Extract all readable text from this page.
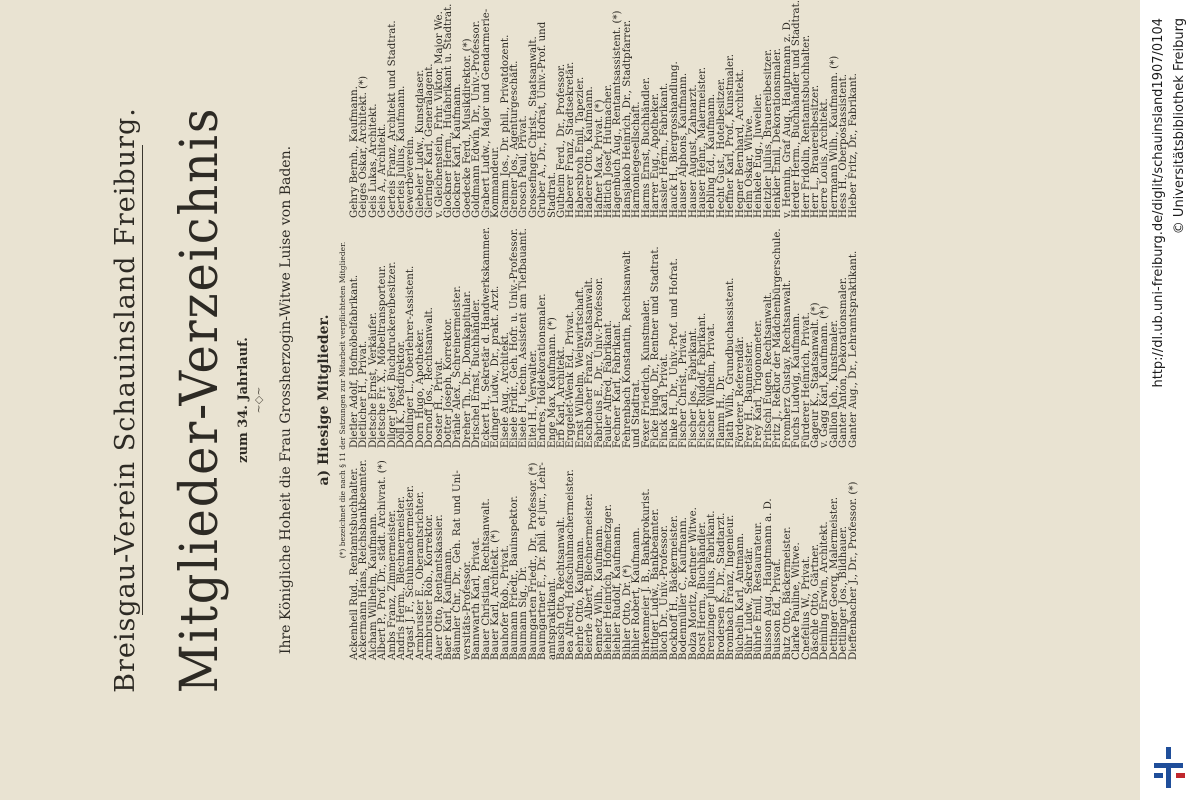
Breisgau-Verein Schauinsland Freiburg. Mitglieder-Verzeichnis zum 34. Jahrlauf. ~◇~ Ihre Königliche Hoheit die Frau Grossherzogin-Witwe Luise von Baden. a) Hiesige Mitglieder. (*) bezeichnet die nach § 11 der Satzungen zur Mitarbeit verpflichteten Mitglieder.
Ackenheil Rud., Rentamtsbuchhalter.
Ackermann Hans, Reichsbankbeamter.
Aicham Wilhelm, Kaufmann.
Albert P., Prof. Dr., städt. Archivrat. (*)
Ambs Franz, Zimmermeister.
Andris Herm., Blechnermeister.
Argast J. F., Schuhmachermeister.
Armbruster E., Oberamtsrichter.
Armbruster Rob., Korrektor.
Auer Otto, Rentamtskassier.
Baer Karl, Kaufmann.
Bäumler Chr., Dr., Geh. Rat und Uni-
versitäts-Professor.
Bannwarth Karl, Privat.
Bauer Christian, Rechtsanwalt.
Bauer Karl, Architekt. (*)
Bauhofer Rob., Privat.
Baumann Friedr., Bauinspektor.
Baumann Sig., Dr.
Baumgarten Friedr., Dr., Professor. (*)
Baumgartner E., Dr. phil. et jur., Lehr-
amtspraktikant.
Bausch Otto, Rechtsanwalt.
Bea Alfred, Hofschuhmachermeister.
Behrle Otto, Kaufmann.
Beierle Albert, Blechnermeister.
Bennetz Wilh., Kaufmann.
Biehler Heinrich, Hofmetzger.
Biehler Rudolf, Kaufmann.
Bihler Otto, Dr. (*)
Bihler Robert, Kaufmann.
Birkenmeier J. B., Bankprokurist.
Bittiger Ludw., Bankbeamter.
Bloch Dr., Univ.-Professor.
Bockhoff H., Bäckermeister.
Bodenmüller C., Kaufmann.
Bolza Moritz, Rentner Witwe.
Borst Herm., Buchhändler.
Brenzinger Julius, Fabrikant.
Brodersen K., Dr., Stadtarzt.
Brombach Franz, Ingenieur.
Büchelin Karl, Antmann.
Bühr Ludw., Sekretär.
Bührle Emil, Restaurateur.
Buisson Aug., Hauptmann a. D.
Buisson Ed., Privat.
Butz Otto, Bäckermeister.
Clarke Pauline, Witwe.
Cnefelius W., Privat.
Däschle Otto, Gärtner.
Deimling Erwin, Architekt.
Dettinger Georg, Malermeister.
Dettlinger Jos., Bildhauer.
Dieffenbacher J., Dr., Professor. (*)
Dietler Adolf, Hofmöbelfabrikant.
Dietlicher H., Privat.
Dietsche Ernst, Verkäufer.
Dietsche Fr. X., Möbeltransporteur.
Dilger Josef, Buchdruckereibesitzer.
Döll K., Postdirektor.
Doldinger L., Oberlehrer-Assistent.
Dorn Hugo, Apotheker.
Dornoff Jos., Rechtsanwalt.
Doster H., Privat.
Dotter Joseph, Korrektor.
Dränle Alex., Schreinermeister.
Dreher Th., Dr., Domkapitular.
Drischel Ernst, Buchhändler.
Eckert H., Sekretär d. Handwerkskammer.
Edinger Ludw., Dr., prakt. Arzt.
Eisele Aug., Architekt.
Eisele Fridr., Geh. Hofr. u. Univ.-Professor.
Eisele H., techn. Assistent am Tiefbauamt.
Eitel H., Verwalter.
Endres, Holdekorationsmaler.
Enge Max, Kaufmann. (*)
Erb Karl, Architekt.
Erggelet-Wenk Ed., Privat.
Ernst Wilhelm, Weinwirtschaft.
Eschbacher Franz, Staatsanwalt.
Fabricius E., Dr., Univ.-Professor.
Fauler Alfred, Fabrikant.
Fechner Karl, Fabrikant.
Fehrenbach Konstantin, Rechtsanwalt
und Stadtrat.
Fexer Friedrich, Kunstmaler.
Ficke Hugo, Dr., Rentner und Stadtrat.
Finck Karl, Privat.
Finke H., Dr., Univ.-Prof. und Hofrat.
Fischer Christ., Privat.
Fischer Jos., Fabrikant.
Fischer Rudolf, Fabrikant.
Fischer Wilhelm, Privat.
Flamm H., Dr.
Flath Wilh., Grundbuchassistent.
Förderer, Referendär.
Frey H., Baumeister.
Frey Karl, Trigonometer.
Fritschi Eugen, Rechtsanwalt.
Fritz J., Rektor der Mädchenbürgerschule.
Fromherz Gustav, Rechtsanwalt.
Fuchs Ludwig, Kaufmann.
Fürderer Heinrich, Privat.
Gageur K., Staatsanwalt. (*)
v. Gagg Karl, Kaufmann. (*)
Gallion Joh., Kunstmaler.
Ganter Anton, Dekorationsmaler.
Ganter Aug., Dr., Lehramtspraktikant.
Gehry Bernh., Kaufmann.
Geiges Oskar, Architekt. (*)
Geis Lukas, Architekt.
Geis A., Architekt.
Gerteis Franz, Architekt und Stadtrat.
Gerteis Julius, Kaufmann.
Gewerbeverein.
Giebeler Ludw., Kunstglaser.
Gieringer Karl, Generalagent.
v. Gleichenstein, Frhr. Viktor, Major We.
Glockner Herm., Hufabrikant u. Stadtrat.
Glockner Karl, Kaufmann.
Goedecke Ferd., Musikdirektor. (*)
Goldmann Edwin, Dr., Univ.-Professor.
Grabert Ludw., Major und Gendarmerie-
Kommandeur.
Gramm Jos., Dr. phil., Privatdozent.
Greiner Jos., Agenturgeschäft.
Grosch Paul, Privat.
Grossefinger Christ., Staatsanwalt.
Gruber A., Dr., Hofrat, Univ.-Prof. und
Stadtrat.
Gutheim Ferd., Dr., Professor.
Haberer Franz, Stadtsekretär.
Habersbroh Emil, Tapezier.
Haderer Otto, Kaufmann.
Hafner Max, Privat. (*)
Hättich Josef, Hutmacher.
Hagenbuch Aug., Rentamtsassistent. (*)
Hansjakob Heinrich, Dr., Stadtpfarrer.
Harmoniegesellschaft.
Harms Ernst, Buchhändler.
Harrer Eug., Apotheker.
Hassler Herm., Fabrikant.
Hauck H., Biergrosshandlung.
Hauser Alphons, Kaufmann.
Hauser August, Zahnarzt.
Hauser Heinr., Malermeister.
Hebling Ed., Kaufmann.
Hecht Gust., Hotelbesitzer.
Heffner Karl, Prof., Kunstmaler.
Hegner Bernhard, Architekt.
Heim Oskar, Witwe.
Heinkele Eug., Juwelier.
Heitzler Julius, Brauereibesitzer.
Henkler Emil, Dekorationsmaler.
v. Hennin, Graf Aug., Hauptmann z. D.
Herder Herm., Buchhändler und Stadtrat.
Herr Fridolin, Rentamtsbuchhalter.
Herr L., Brauereibesitzer.
Herre Louis, Architekt.
Herrmann Wilh., Kaufmann. (*)
Hess H., Oberpostassistent.
Hieber Fritz, Dr., Fabrikant.	http://dl.ub.uni-freiburg.de/diglit/schauinsland1907/0104 © Universitätsbibliothek Freiburg
